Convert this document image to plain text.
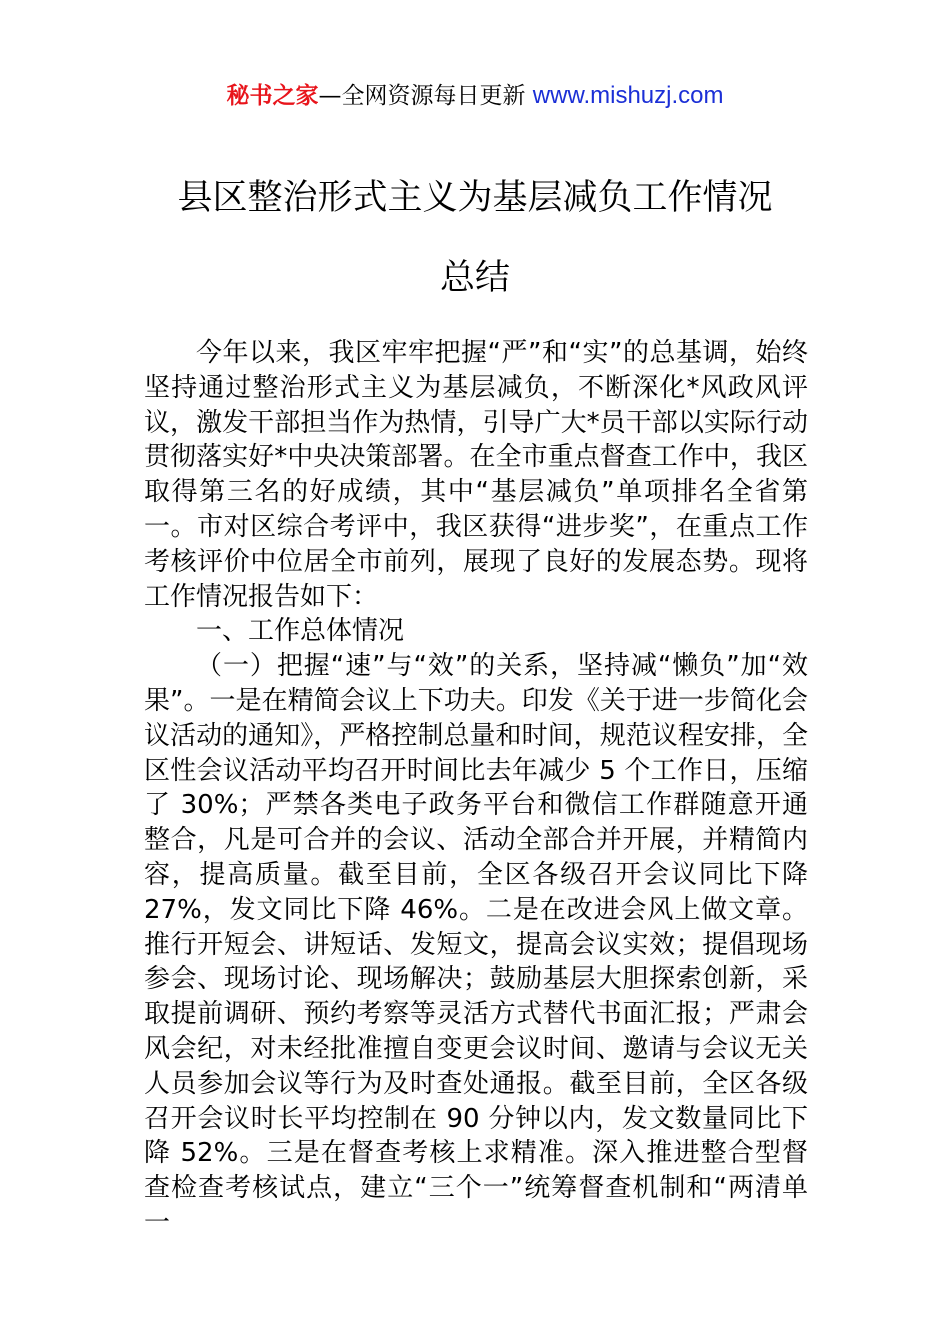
秘书之家—全网资源每日更新 www.mishuzj.com
县区整治形式主义为基层减负工作情况
总结

今年以来，我区牢牢把握“严”和“实”的总基调，始终坚持通过整治形式主义为基层减负，不断深化*风政风评议，激发干部担当作为热情，引导广大*员干部以实际行动贯彻落实好*中央决策部署。在全市重点督查工作中，我区取得第三名的好成绩，其中“基层减负”单项排名全省第一。市对区综合考评中，我区获得“进步奖”，在重点工作考核评价中位居全市前列，展现了良好的发展态势。现将工作情况报告如下：

一、工作总体情况

（一）把握“速”与“效”的关系，坚持减“懒负”加“效果”。一是在精简会议上下功夫。印发《关于进一步简化会议活动的通知》，严格控制总量和时间，规范议程安排，全区性会议活动平均召开时间比去年减少 5 个工作日，压缩了 30%；严禁各类电子政务平台和微信工作群随意开通整合，凡是可合并的会议、活动全部合并开展，并精简内容，提高质量。截至目前，全区各级召开会议同比下降 27%，发文同比下降 46%。二是在改进会风上做文章。推行开短会、讲短话、发短文，提高会议实效；提倡现场参会、现场讨论、现场解决；鼓励基层大胆探索创新，采取提前调研、预约考察等灵活方式替代书面汇报；严肃会风会纪，对未经批准擅自变更会议时间、邀请与会议无关人员参加会议等行为及时查处通报。截至目前，全区各级召开会议时长平均控制在 90 分钟以内，发文数量同比下降 52%。三是在督查考核上求精准。深入推进整合型督查检查考核试点，建立“三个一”统筹督查机制和“两清单一
